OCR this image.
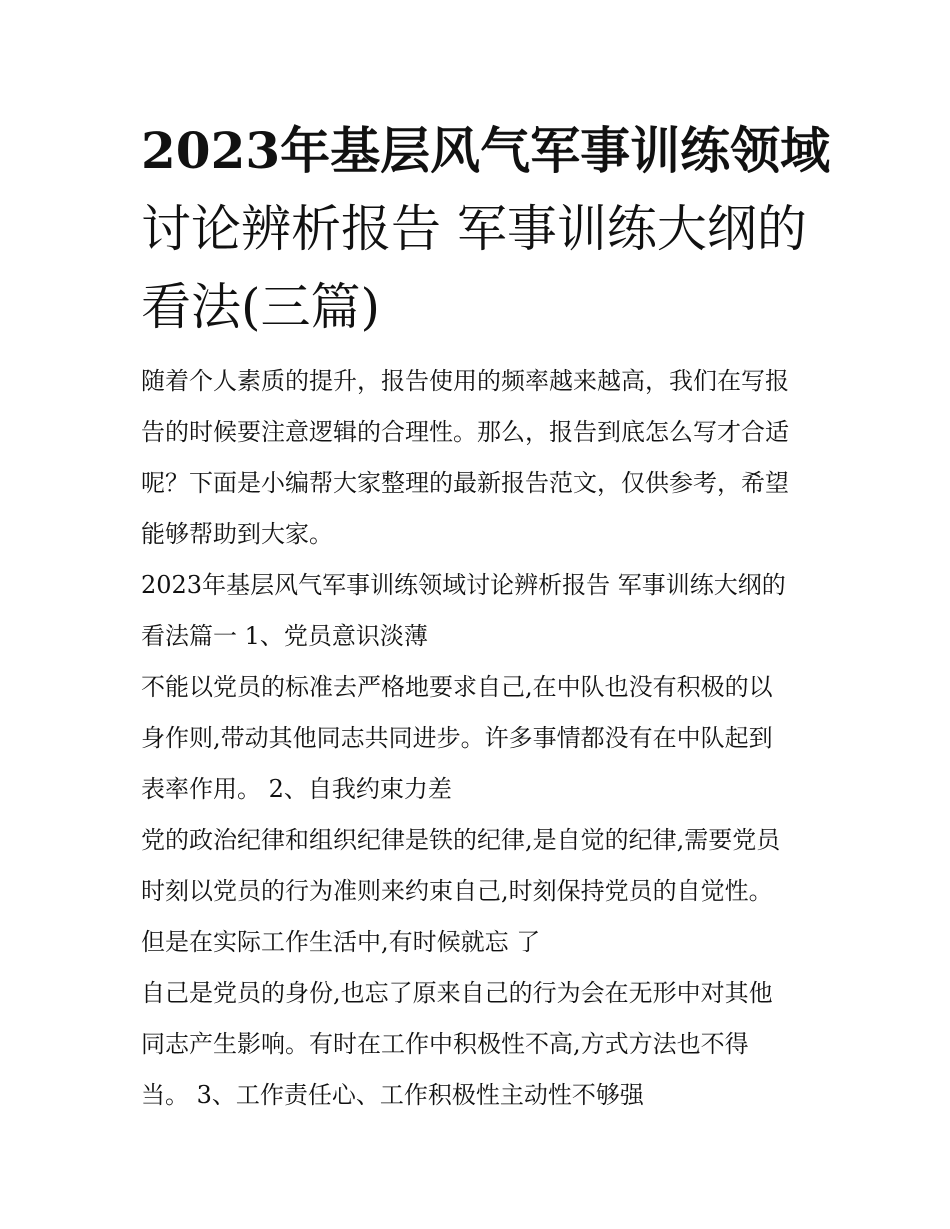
2023年基层风气军事训练领域
讨论辨析报告 军事训练大纲的
看法(三篇)

随着个人素质的提升，报告使用的频率越来越高，我们在写报
告的时候要注意逻辑的合理性。那么，报告到底怎么写才合适
呢？下面是小编帮大家整理的最新报告范文，仅供参考，希望
能够帮助到大家。

2023年基层风气军事训练领域讨论辨析报告 军事训练大纲的
看法篇一 1、党员意识淡薄

不能以党员的标准去严格地要求自己,在中队也没有积极的以
身作则,带动其他同志共同进步。许多事情都没有在中队起到
表率作用。 2、自我约束力差

党的政治纪律和组织纪律是铁的纪律,是自觉的纪律,需要党员
时刻以党员的行为准则来约束自己,时刻保持党员的自觉性。
但是在实际工作生活中,有时候就忘 了

自己是党员的身份,也忘了原来自己的行为会在无形中对其他
同志产生影响。有时在工作中积极性不高,方式方法也不得
当。 3、工作责任心、工作积极性主动性不够强
